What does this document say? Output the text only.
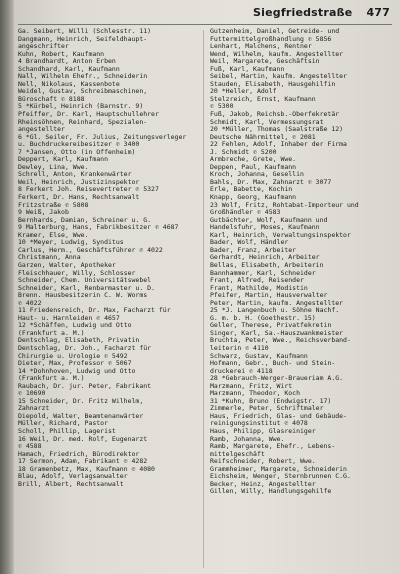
Siegfriedstraße 477
Ga. Seibert, Willi (Schlesstr. 11)
Dangmann, Heinrich, Seifeldhaupt-
angeschrifter
Kuhn, Robert, Kaufmann
4 Brandhardt, Anton Erben
Schandhard, Karl, Kaufmann
Nall, Wilhelm Ehefr., Schneiderin
Nell, Nikolaus, Kassenbote
Weidel, Gustav, Schreibmaschinen,
Büroschaft ✆ 8188
5 *Kürbel, Heinrich (Barnstr. 9)
Pfeiffer, Dr. Karl, Hauptschullehrer
Rheinsöhnen, Reinhard, Spezialen-
angestellter
6 *Gl. Seiler, Fr. Julius, Zeitungsverleger
u. Buchdruckereibesitzer ✆ 3400
7 *Jansen, Otto (in Offenheim)
Deppert, Karl, Kaufmann
Dewley, Lina, Wwe.
Schrell, Anton, Krankenwärter
Weil, Heinrich, Justizinspektor
8 Ferkert Joh. Reisevertreter ✆ 5327
Ferkert, Dr. Hans, Rechtsanwalt
Fritzstraße ✆ 5808
9 Weiß, Jakob
Bernhards, Damian, Schreiner u. G.
9 Malterburg, Hans, Fabrikbesitzer ✆ 4687
Kramer, Else, Wwe.
10 *Meyer, Ludwig, Synditus
Carlus, Herm., Geschäftsführer ✆ 4022
Christmann, Anna
Garzen, Walter, Apotheker
Fleischhauer, Willy, Schlosser
Schneider, Chem. Universitätswebel
Schneider, Karl, Renbarmaster u. D.
Brenn. Hausbesitzerin C. W. Worms
✆ 4022
11 Friedensreich, Dr. Max, Facharzt für
Haut- u. Harnleiden ✆ 4657
12 *Schäffen, Ludwig und Otto
(Frankfurt a. M.)
Dentschlag, Elisabeth, Privatin
Dentschlag, Dr. Joh., Facharzt für
Chirurgie u. Urologie ✆ 5492
Dieter, Max, Professor ✆ 5067
14 *Dohnhoven, Ludwig und Otto
(Frankfurt a. M.)
Raubach, Dr. jur. Peter, Fabrikant
✆ 10690
15 Schneider, Dr. Fritz Wilhelm,
Zahnarzt
Diepold, Walter, Beamtenanwärter
Müller, Richard, Pastor
Scholl, Phillip, Lagerist
16 Weil, Dr. med. Rolf, Eugenarzt
✆ 4588
Hamach, Friedrich, Bürodirektor
17 Sermon, Adam, Fabrikant ✆ 4282
18 Gramenbetz, Max, Kaufmann ✆ 4080
Blau, Adolf, Verlagsanwalter
Brill, Albert, Rechtsanwalt
Gutzenheim, Daniel, Getreide- und
Futtermittelgroßhandlung ✆ 5856
Lenhart, Malchens, Rentner
Wend, Wilhelm, kaufm. Angestellter
Weil, Margarete, Geschäftsin
Fuß, Karl, Kaufmann
Seibel, Martin, kaufm. Angestellter
Stauden, Elisabeth, Hausgehilfin
20 *Heller, Adolf
Stelzreich, Ernst, Kaufmann
✆ 5300
Fuß, Jakob, Reichsb.-Oberfekretär
Schmidt, Karl, Vermessungsrat
20 *Müller, Thomas (Saalstraße 12)
Deutsche Nährmittel, ✆ 2081
22 Fehlen, Adolf, Inhaber der Firma
J. Schmidt ✆ 5200
Armbreche, Grete, Wwe.
Deppen, Paul, Kaufmann
Kroch, Johanna, Gesellin
Bahls, Dr. Max, Zahnarzt ✆ 3077
Erle, Babette, Kochin
Knapp, Georg, Kaufmann
23 Wolf, Fritz, Rohtabat-Importeur und
Großhändler ✆ 4583
Gutbächter, Wolf, Kaufmann und
Handelsfuhr, Moses, Kaufmann
Karl, Heinrich, Verwaltungsinspektor
Bader, Wolf, Händler
Bader, Franz, Arbeiter
Gerhardt, Heinrich, Arbeiter
Bellas, Elisabeth, Arbeiterin
Bannhammer, Karl, Schneider
Frant, Alfred, Reisender
Frant, Mathilde, Modistin
Pfeifer, Martin, Hausverwalter
Peter, Martin, kaufm. Angestellter
25 *J. Langenbuch u. Söhne Nachf.
G. m. b. H. (Goethestr. 15)
Geller, Therese, Privatfekretin
Singer, Karl, Sa.-Hauszwankmeister
Bruchta, Peter, Wwe., Reichsverband-
leiterin ✆ 4110
Schwarz, Gustav, Kaufmann
Hofmann, Gebr., Buch- und Stein-
druckerei ✆ 4118
28 *Gebrauch-Werger-Braueriam A.G.
Marzmann, Fritz, Wirt
Marzmann, Theodor, Koch
31 *Kuhn, Bruno (Endwigstr. 17)
Zimmerle, Peter, Schriftmaler
Haus, Friedrich, Glas- und Gebäude-
reinigungsinstitut ✆ 4078
Haus, Philipp, Glasreiniger
Ramb, Johanna, Wwe.
Ramb, Margarete, Ehefr., Lebens-
mittelgeschäft
Reifschneider, Robert, Wwe.
Grammheimer, Margarete, Schneiderin
Eichsheim, Wenger, Sternbrunnen C.G.
Becker, Heinz, Angestellter
Gillen, Willy, Handlungsgehilfe
